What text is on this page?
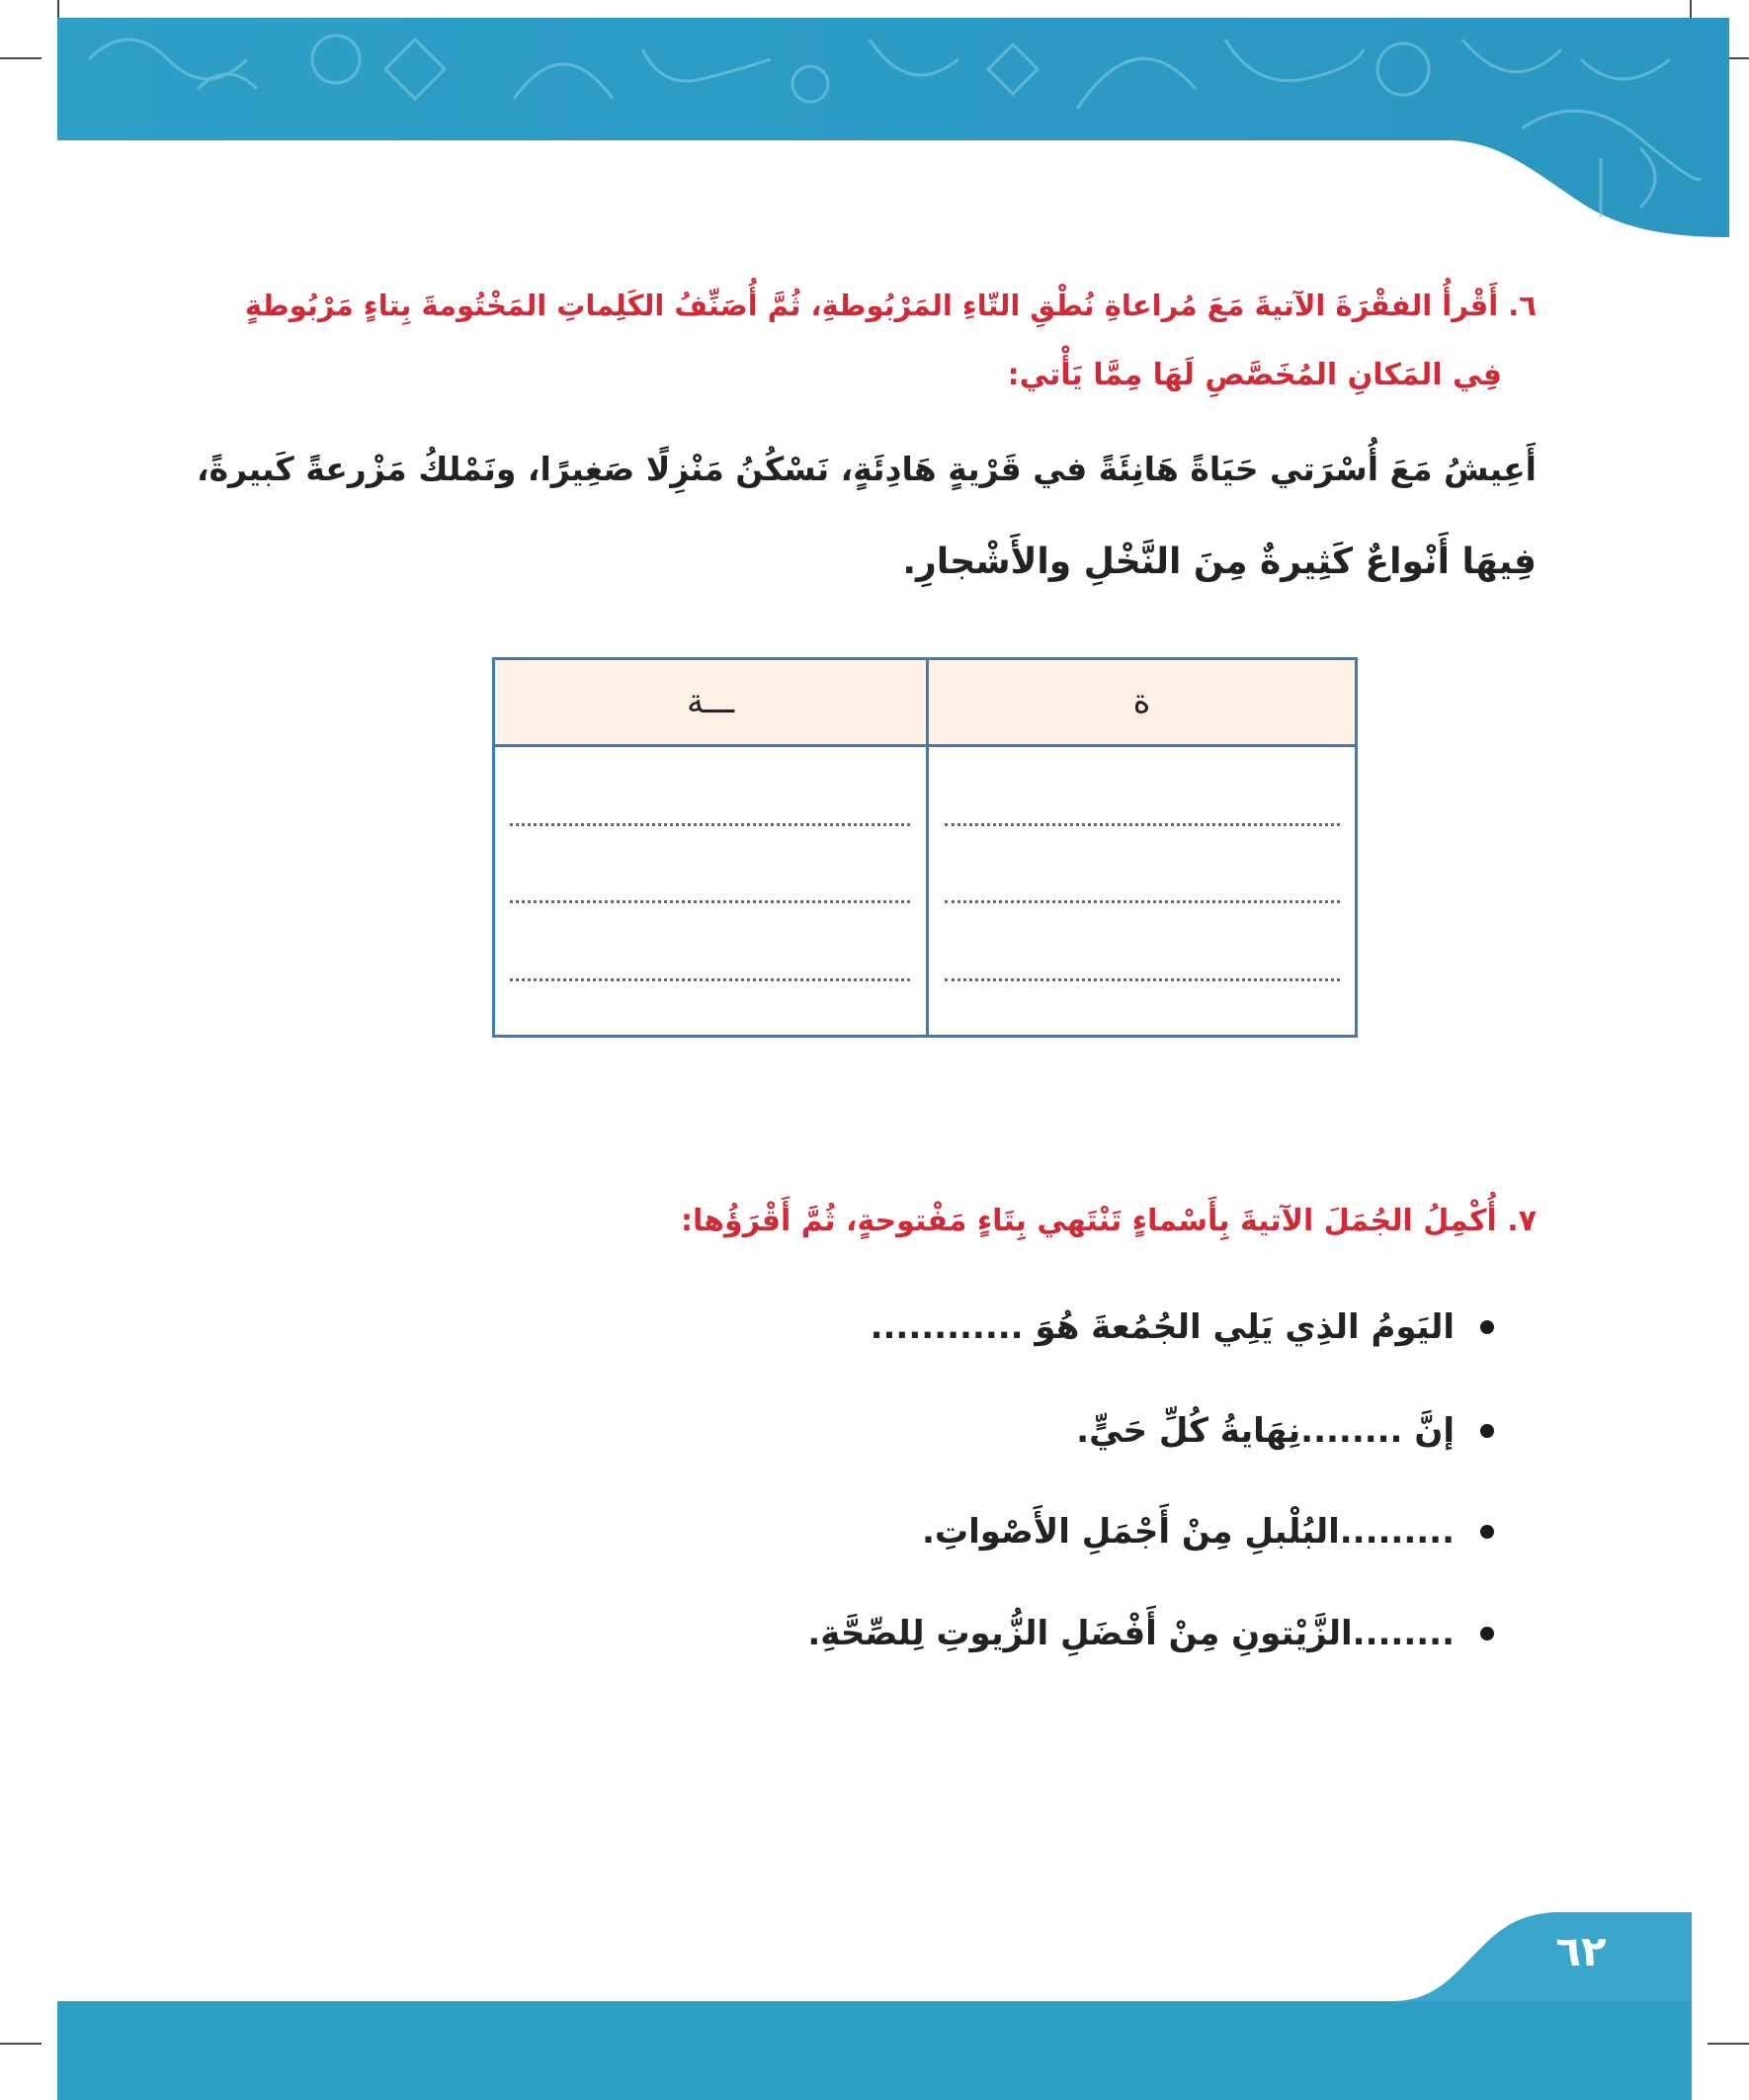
٦. أَقْرأُ الفقْرَةَ الآتيةَ مَعَ مُراعاةِ نُطْقِ التّاءِ المَرْبُوطةِ، ثُمَّ أُصَنِّفُ الكَلِماتِ المَخْتُومةَ بِتاءٍ مَرْبُوطةٍ
فِي المَكانِ المُخَصَّصِ لَهَا مِمَّا يَأْتي:
أَعِيشُ مَعَ أُسْرَتي حَيَاةً هَانِئَةً في قَرْيةٍ هَادِئَةٍ، نَسْكُنُ مَنْزِلًا صَغِيرًا، ونَمْلكُ مَزْرعةً كَبيرةً،
فِيهَا أَنْواعٌ كَثِيرةٌ مِنَ النَّخْلِ والأَشْجارِ.
ة
ـــة
٧. أُكْمِلُ الجُمَلَ الآتيةَ بِأَسْماءٍ تَنْتَهي بِتَاءٍ مَفْتوحةٍ، ثُمَّ أَقْرَؤُها:
اليَومُ الذِي يَلِي الجُمُعةَ هُوَ ............
إنَّ ........نِهَايةُ كُلِّ حَيٍّ.
.........البُلْبلِ مِنْ أَجْمَلِ الأَصْواتِ.
........الزَّيْتونِ مِنْ أَفْضَلِ الزُّيوتِ لِلصِّحَّةِ.
٦٢
